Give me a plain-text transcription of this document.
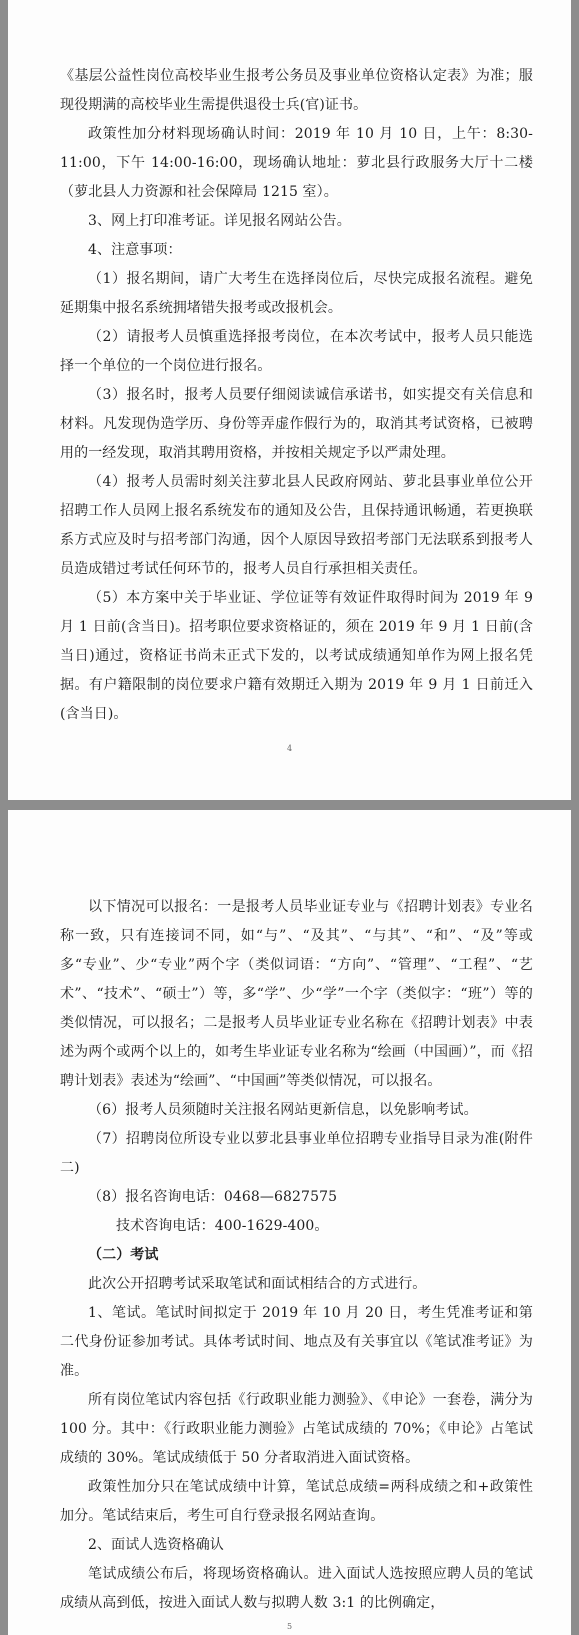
《基层公益性岗位高校毕业生报考公务员及事业单位资格认定表》为准；服现役期满的高校毕业生需提供退役士兵(官)证书。

政策性加分材料现场确认时间：2019 年 10 月 10 日，上午：8:30-11:00，下午 14:00-16:00，现场确认地址：萝北县行政服务大厅十二楼（萝北县人力资源和社会保障局 1215 室）。

3、网上打印准考证。详见报名网站公告。

4、注意事项：

（1）报名期间，请广大考生在选择岗位后，尽快完成报名流程。避免延期集中报名系统拥堵错失报考或改报机会。

（2）请报考人员慎重选择报考岗位，在本次考试中，报考人员只能选择一个单位的一个岗位进行报名。

（3）报名时，报考人员要仔细阅读诚信承诺书，如实提交有关信息和材料。凡发现伪造学历、身份等弄虚作假行为的，取消其考试资格，已被聘用的一经发现，取消其聘用资格，并按相关规定予以严肃处理。

（4）报考人员需时刻关注萝北县人民政府网站、萝北县事业单位公开招聘工作人员网上报名系统发布的通知及公告，且保持通讯畅通，若更换联系方式应及时与招考部门沟通，因个人原因导致招考部门无法联系到报考人员造成错过考试任何环节的，报考人员自行承担相关责任。

（5）本方案中关于毕业证、学位证等有效证件取得时间为 2019 年 9 月 1 日前(含当日)。招考职位要求资格证的，须在 2019 年 9 月 1 日前(含当日)通过，资格证书尚未正式下发的，以考试成绩通知单作为网上报名凭据。有户籍限制的岗位要求户籍有效期迁入期为 2019 年 9 月 1 日前迁入(含当日)。

4

以下情况可以报名：一是报考人员毕业证专业与《招聘计划表》专业名称一致，只有连接词不同，如“与”、“及其”、“与其”、“和”、“及”等或多“专业”、少“专业”两个字（类似词语：“方向”、“管理”、“工程”、“艺术”、“技术”、“硕士”）等，多“学”、少“学”一个字（类似字：“班”）等的类似情况，可以报名；二是报考人员毕业证专业名称在《招聘计划表》中表述为两个或两个以上的，如考生毕业证专业名称为“绘画（中国画）”，而《招聘计划表》表述为“绘画”、“中国画”等类似情况，可以报名。

（6）报考人员须随时关注报名网站更新信息，以免影响考试。

（7）招聘岗位所设专业以萝北县事业单位招聘专业指导目录为准(附件二)

（8）报名咨询电话：0468—6827575

技术咨询电话：400-1629-400。

（二）考试

此次公开招聘考试采取笔试和面试相结合的方式进行。

1、笔试。笔试时间拟定于 2019 年 10 月 20 日，考生凭准考证和第二代身份证参加考试。具体考试时间、地点及有关事宜以《笔试准考证》为准。

所有岗位笔试内容包括《行政职业能力测验》、《申论》一套卷，满分为 100 分。其中：《行政职业能力测验》占笔试成绩的 70%；《申论》占笔试成绩的 30%。笔试成绩低于 50 分者取消进入面试资格。

政策性加分只在笔试成绩中计算，笔试总成绩=两科成绩之和+政策性加分。笔试结束后，考生可自行登录报名网站查询。

2、面试人选资格确认

笔试成绩公布后，将现场资格确认。进入面试人选按照应聘人员的笔试成绩从高到低，按进入面试人数与拟聘人数 3:1 的比例确定，

5
